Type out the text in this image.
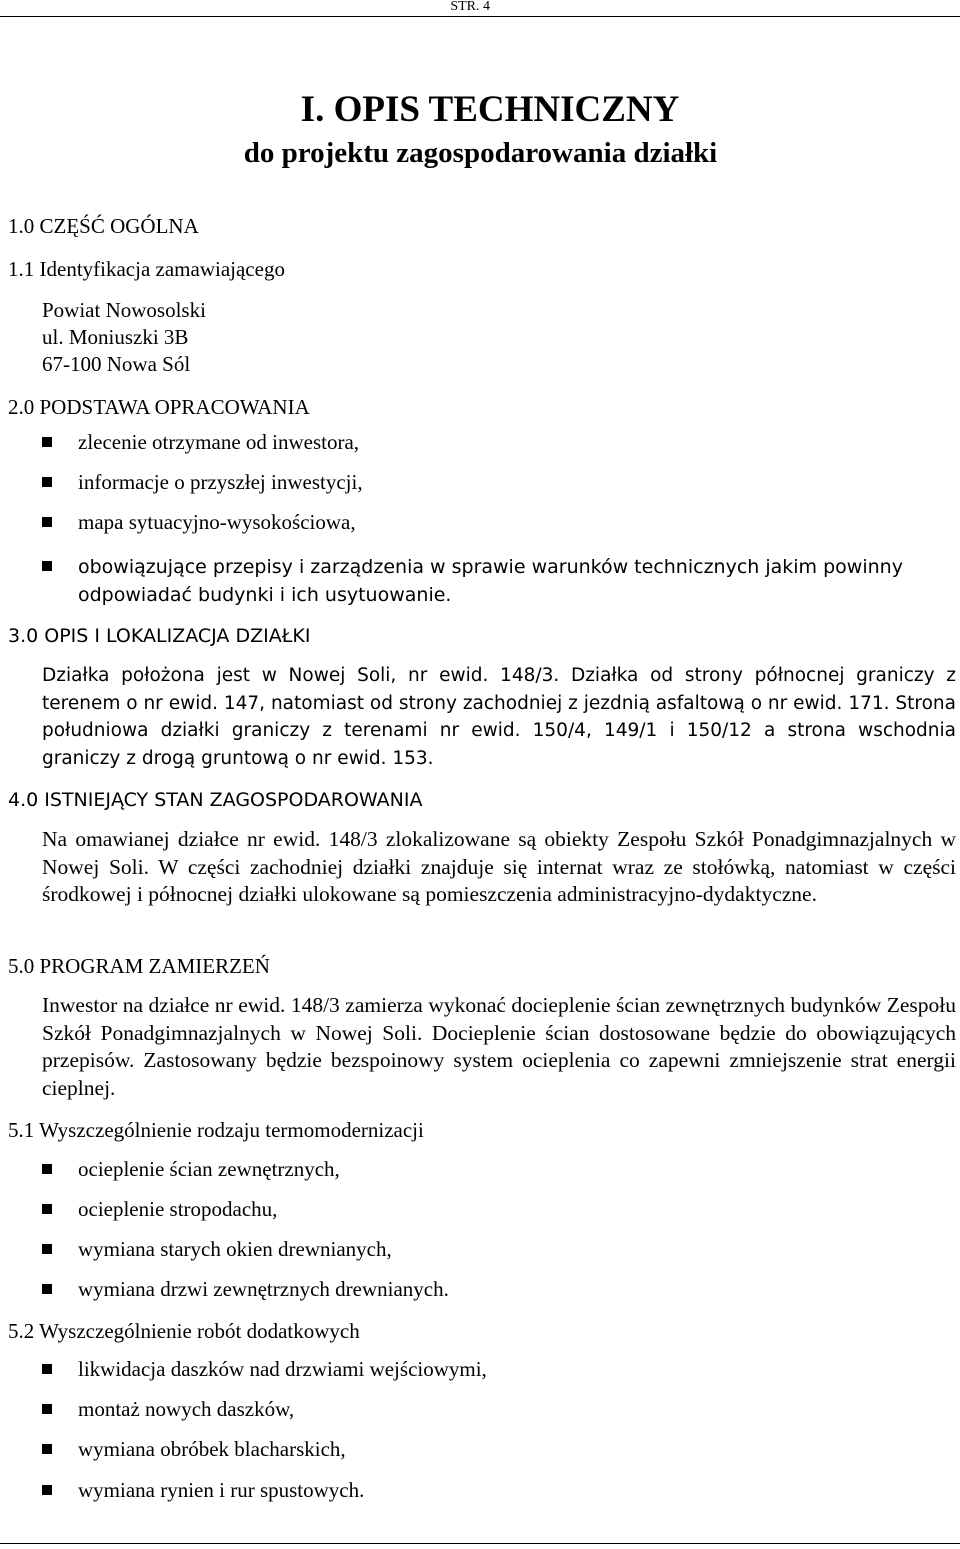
STR. 4
I. OPIS TECHNICZNY
do projektu zagospodarowania działki
1.0 CZĘŚĆ OGÓLNA
1.1 Identyfikacja zamawiającego
Powiat Nowosolski
ul. Moniuszki 3B
67-100 Nowa Sól
2.0 PODSTAWA OPRACOWANIA
zlecenie otrzymane od inwestora,
informacje o przyszłej inwestycji,
mapa sytuacyjno-wysokościowa,
obowiązujące przepisy i zarządzenia w sprawie warunków technicznych jakim powinny
odpowiadać budynki i ich usytuowanie.
3.0 OPIS I LOKALIZACJA DZIAŁKI
Działka położona jest w Nowej Soli, nr ewid. 148/3. Działka od strony północnej graniczy z terenem o nr ewid. 147, natomiast od strony zachodniej z jezdnią asfaltową o nr ewid. 171. Strona południowa działki graniczy z terenami nr ewid. 150/4, 149/1 i 150/12 a strona wschodnia graniczy z drogą gruntową o nr ewid. 153.
4.0 ISTNIEJĄCY STAN ZAGOSPODAROWANIA
Na omawianej działce nr ewid. 148/3 zlokalizowane są obiekty Zespołu Szkół Ponadgimnazjalnych w Nowej Soli. W części zachodniej działki znajduje się internat wraz ze stołówką, natomiast w części środkowej i północnej działki ulokowane są pomieszczenia administracyjno-dydaktyczne.
5.0 PROGRAM ZAMIERZEŃ
Inwestor na działce nr ewid. 148/3 zamierza wykonać docieplenie ścian zewnętrznych budynków Zespołu Szkół Ponadgimnazjalnych w Nowej Soli. Docieplenie ścian dostosowane będzie do obowiązujących przepisów. Zastosowany będzie bezspoinowy system ocieplenia co zapewni zmniejszenie strat energii cieplnej.
5.1 Wyszczególnienie rodzaju termomodernizacji
ocieplenie ścian zewnętrznych,
ocieplenie stropodachu,
wymiana starych okien drewnianych,
wymiana drzwi zewnętrznych drewnianych.
5.2 Wyszczególnienie robót dodatkowych
likwidacja daszków nad drzwiami wejściowymi,
montaż nowych daszków,
wymiana obróbek blacharskich,
wymiana rynien i rur spustowych.
